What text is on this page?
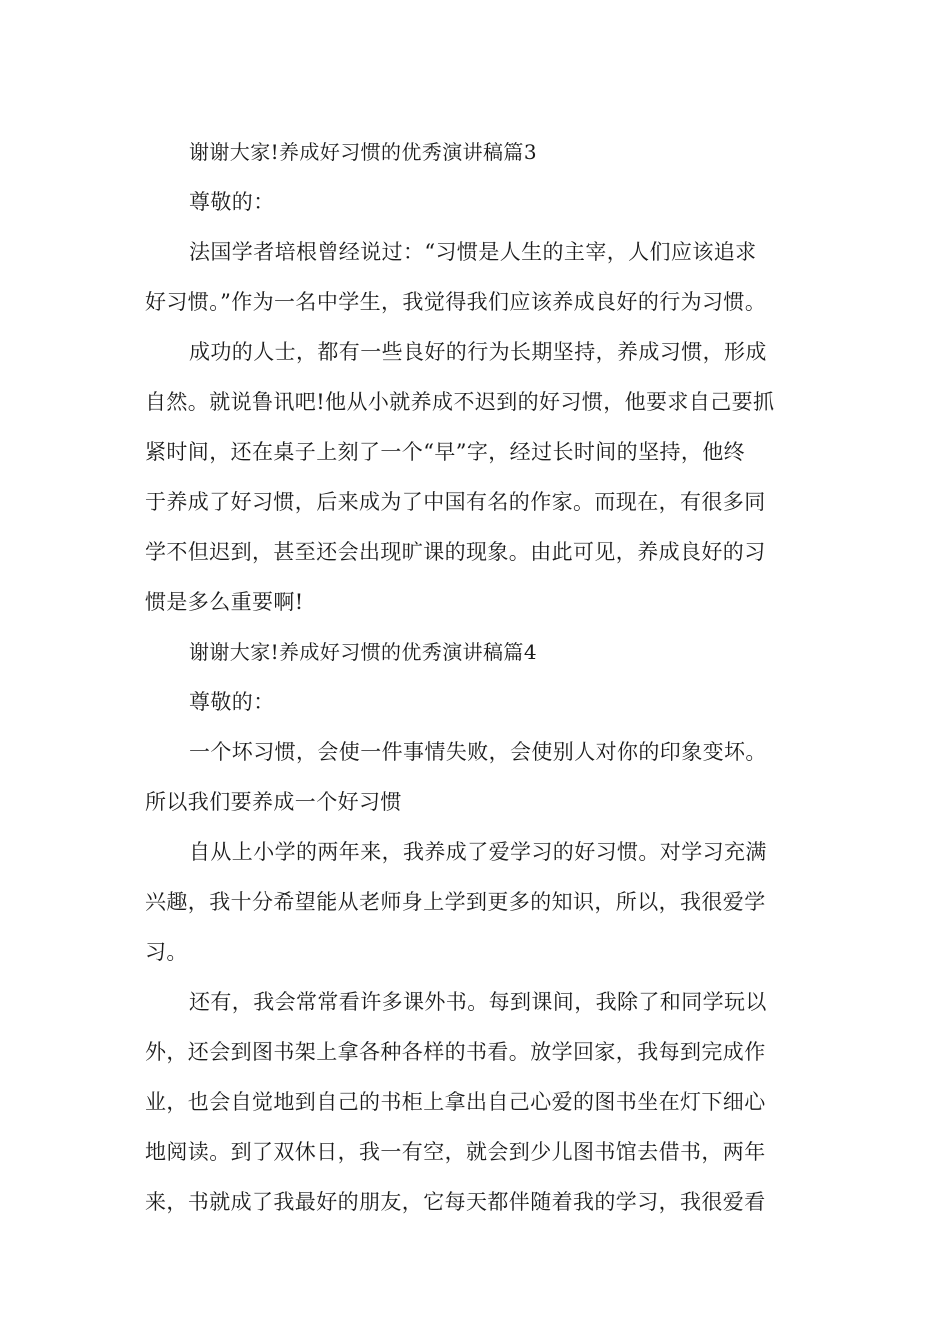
谢谢大家!养成好习惯的优秀演讲稿篇3
尊敬的：
法国学者培根曾经说过：“习惯是人生的主宰，人们应该追求
好习惯。”作为一名中学生，我觉得我们应该养成良好的行为习惯。
成功的人士，都有一些良好的行为长期坚持，养成习惯，形成
自然。就说鲁讯吧!他从小就养成不迟到的好习惯，他要求自己要抓
紧时间，还在桌子上刻了一个“早”字，经过长时间的坚持，他终
于养成了好习惯，后来成为了中国有名的作家。而现在，有很多同
学不但迟到，甚至还会出现旷课的现象。由此可见，养成良好的习
惯是多么重要啊!
谢谢大家!养成好习惯的优秀演讲稿篇4
尊敬的：
一个坏习惯，会使一件事情失败，会使别人对你的印象变坏。
所以我们要养成一个好习惯
自从上小学的两年来，我养成了爱学习的好习惯。对学习充满
兴趣，我十分希望能从老师身上学到更多的知识，所以，我很爱学
习。
还有，我会常常看许多课外书。每到课间，我除了和同学玩以
外，还会到图书架上拿各种各样的书看。放学回家，我每到完成作
业，也会自觉地到自己的书柜上拿出自己心爱的图书坐在灯下细心
地阅读。到了双休日，我一有空，就会到少儿图书馆去借书，两年
来，书就成了我最好的朋友，它每天都伴随着我的学习，我很爱看
